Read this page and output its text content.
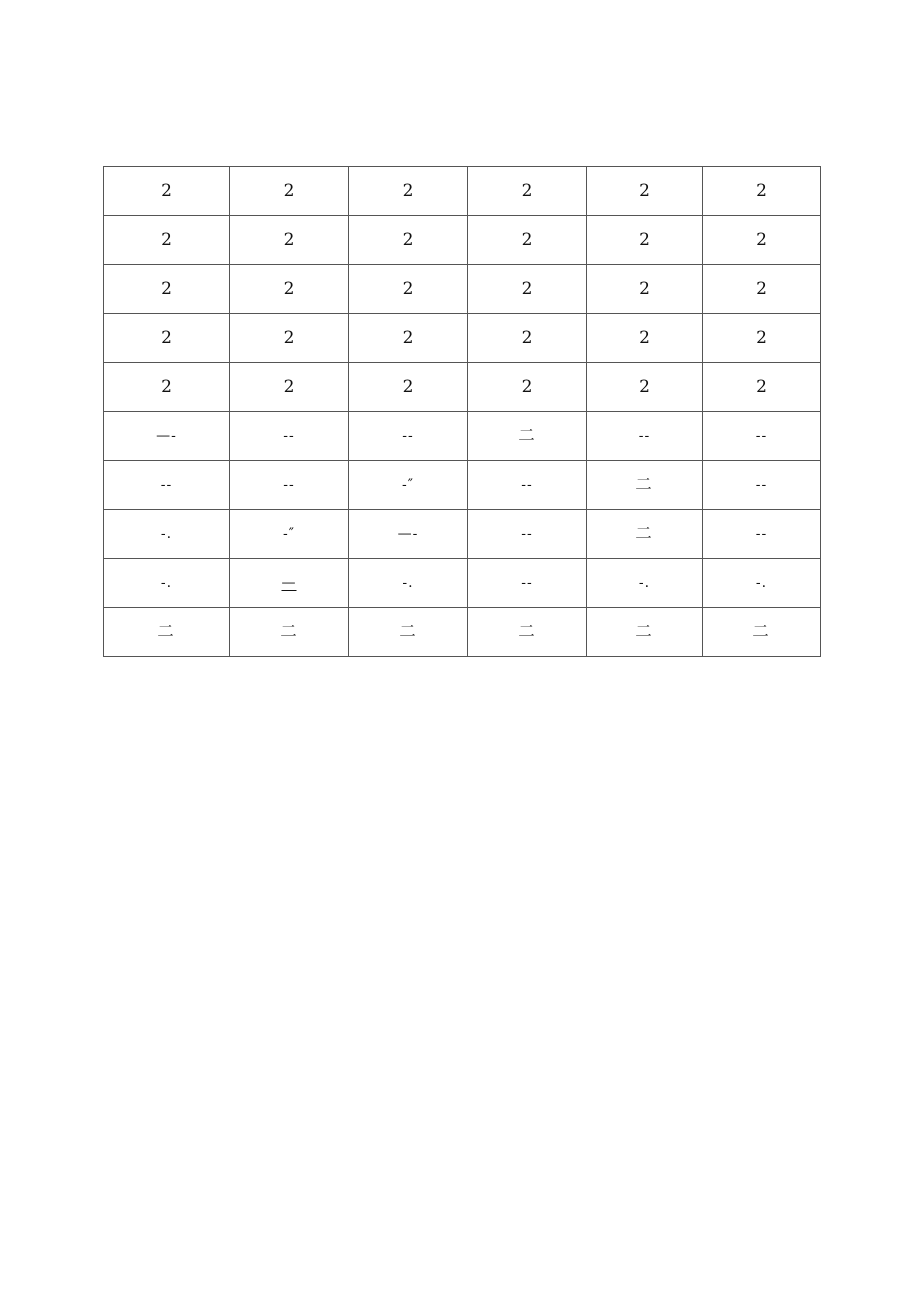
2	2	2	2	2	2
2	2	2	2	2	2
2	2	2	2	2	2
2	2	2	2	2	2
2	2	2	2	2	2
—-	--	--	二	--	--
--	--	-″	--	二	--
-.	-″	—-	--	二	--
-.	—	-.	--	-.	-.
二	二	二	二	二	二
